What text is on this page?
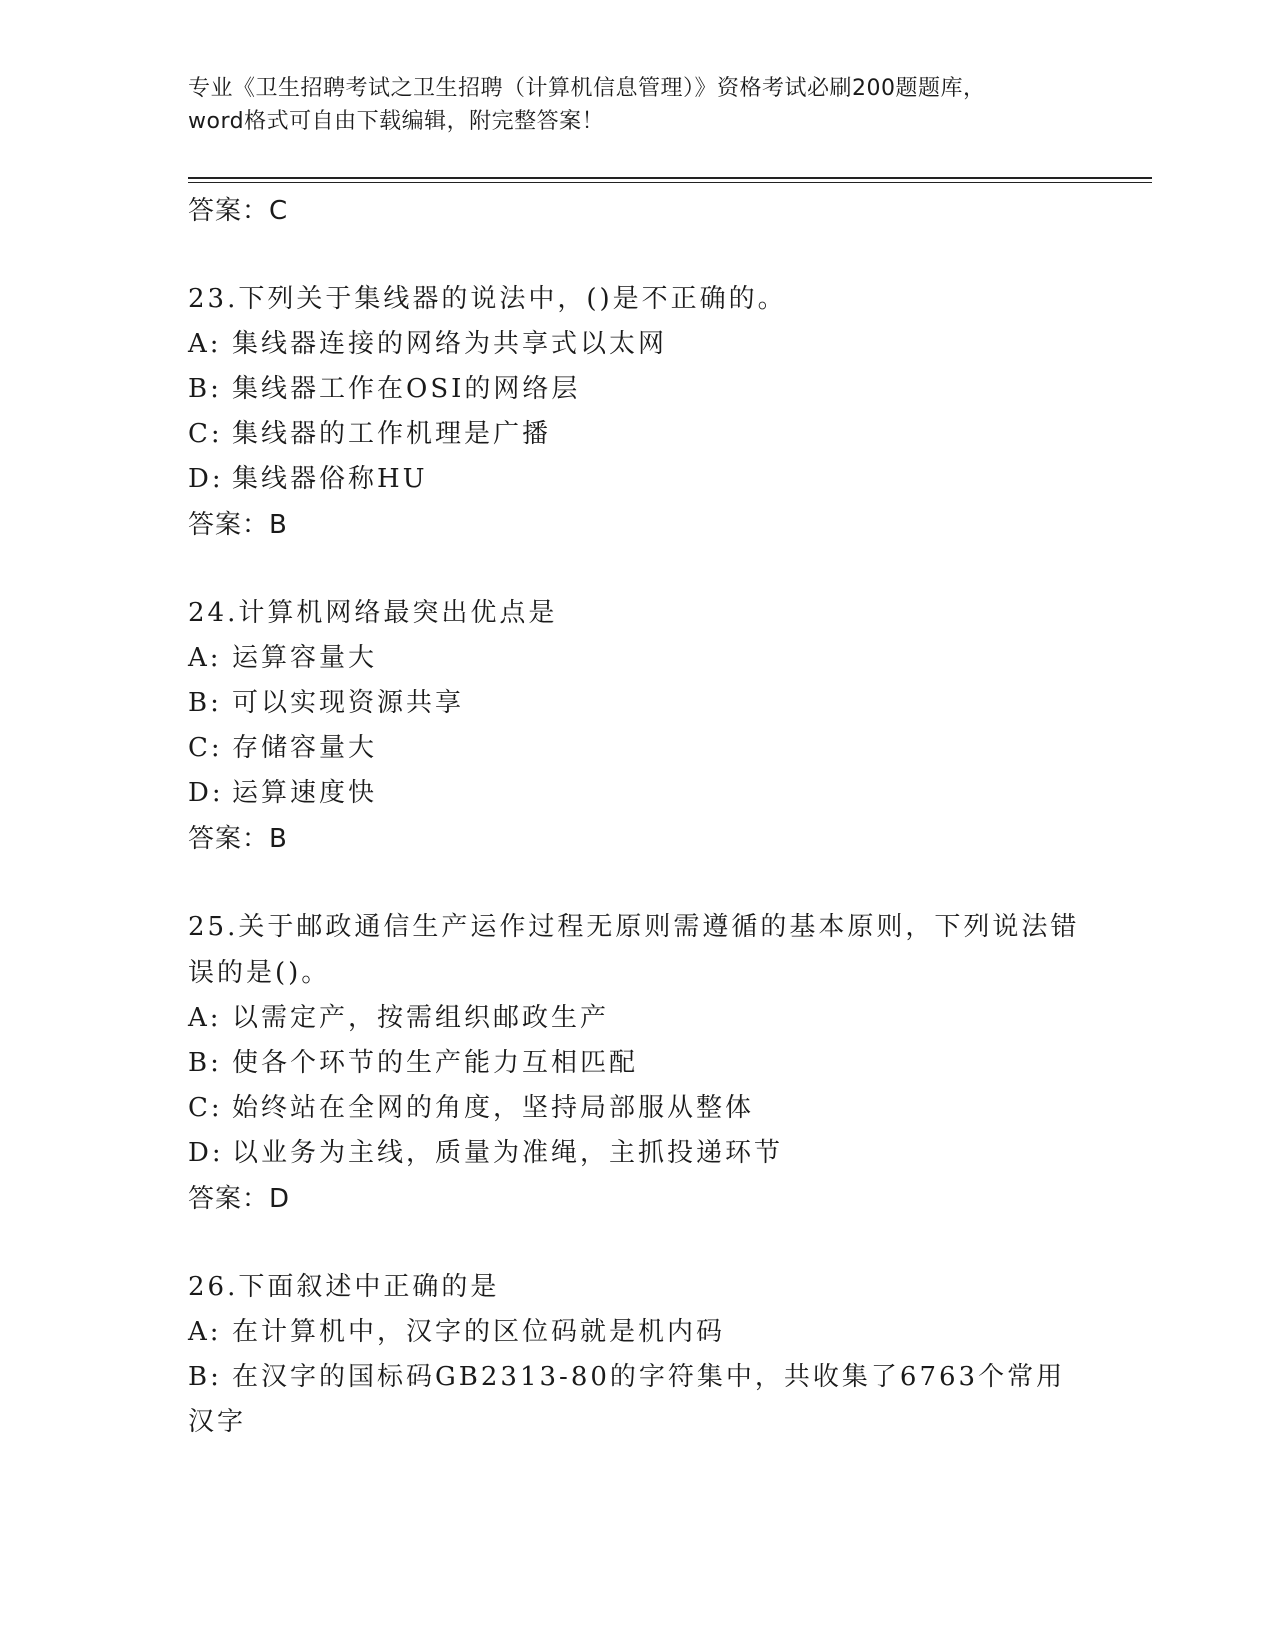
专业《卫生招聘考试之卫生招聘（计算机信息管理）》资格考试必刷200题题库，
word格式可自由下载编辑，附完整答案！
答案：C
23.下列关于集线器的说法中，()是不正确的。
A: 集线器连接的网络为共享式以太网
B: 集线器工作在OSI的网络层
C: 集线器的工作机理是广播
D: 集线器俗称HU
答案：B
24.计算机网络最突出优点是
A: 运算容量大
B: 可以实现资源共享
C: 存储容量大
D: 运算速度快
答案：B
25.关于邮政通信生产运作过程无原则需遵循的基本原则，下列说法错误的是()。
A: 以需定产，按需组织邮政生产
B: 使各个环节的生产能力互相匹配
C: 始终站在全网的角度，坚持局部服从整体
D: 以业务为主线，质量为准绳，主抓投递环节
答案：D
26.下面叙述中正确的是
A: 在计算机中，汉字的区位码就是机内码
B: 在汉字的国标码GB2313-80的字符集中，共收集了6763个常用汉字
